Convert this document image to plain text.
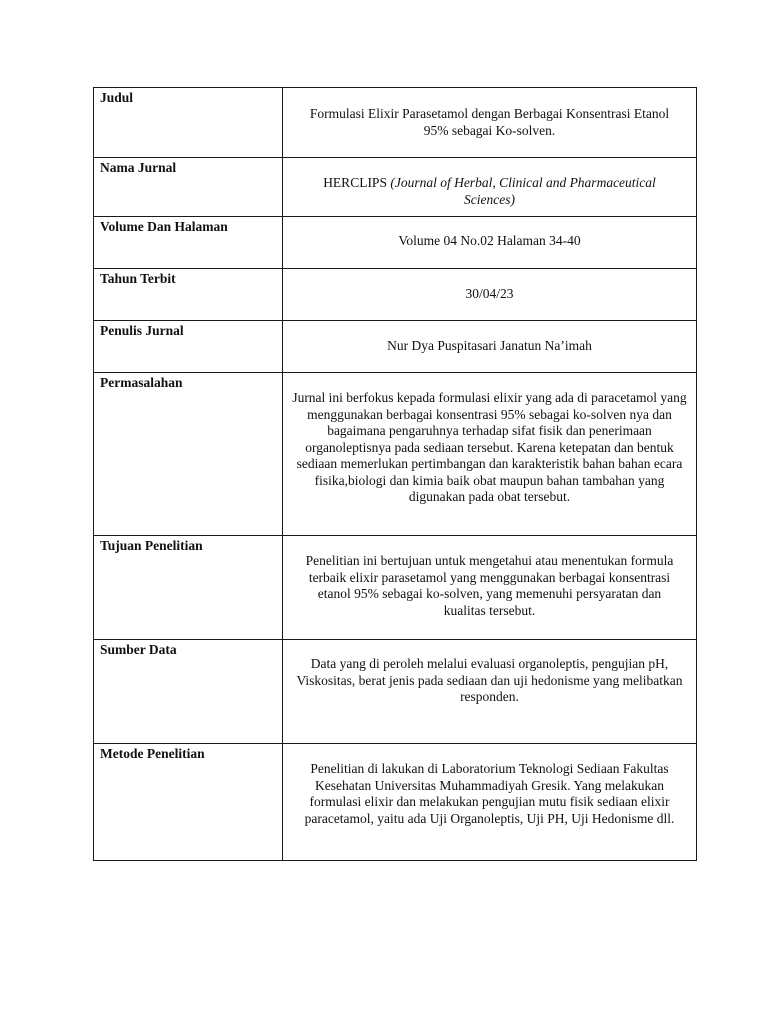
Judul	Formulasi Elixir Parasetamol dengan Berbagai Konsentrasi Etanol 95% sebagai Ko-solven.

Nama Jurnal	HERCLIPS (Journal of Herbal, Clinical and Pharmaceutical Sciences)

Volume Dan Halaman	Volume 04 No.02 Halaman 34-40

Tahun Terbit	30/04/23

Penulis Jurnal	Nur Dya Puspitasari Janatun Na’imah

Permasalahan	Jurnal ini berfokus kepada formulasi elixir yang ada di paracetamol yang menggunakan berbagai konsentrasi 95% sebagai ko-solven nya dan bagaimana pengaruhnya terhadap sifat fisik dan penerimaan organoleptisnya pada sediaan tersebut. Karena ketepatan dan bentuk sediaan memerlukan pertimbangan dan karakteristik bahan bahan ecara fisika,biologi dan kimia baik obat maupun bahan tambahan yang digunakan pada obat tersebut.

Tujuan Penelitian	Penelitian ini bertujuan untuk mengetahui atau menentukan formula terbaik elixir parasetamol yang menggunakan berbagai konsentrasi etanol 95% sebagai ko-solven, yang memenuhi persyaratan dan kualitas tersebut.

Sumber Data	Data yang di peroleh melalui evaluasi organoleptis, pengujian pH, Viskositas, berat jenis pada sediaan dan uji hedonisme yang melibatkan responden.

Metode Penelitian	Penelitian di lakukan di Laboratorium Teknologi Sediaan Fakultas Kesehatan Universitas Muhammadiyah Gresik. Yang melakukan formulasi elixir dan melakukan pengujian mutu fisik sediaan elixir paracetamol, yaitu ada Uji Organoleptis, Uji PH, Uji Hedonisme dll.
